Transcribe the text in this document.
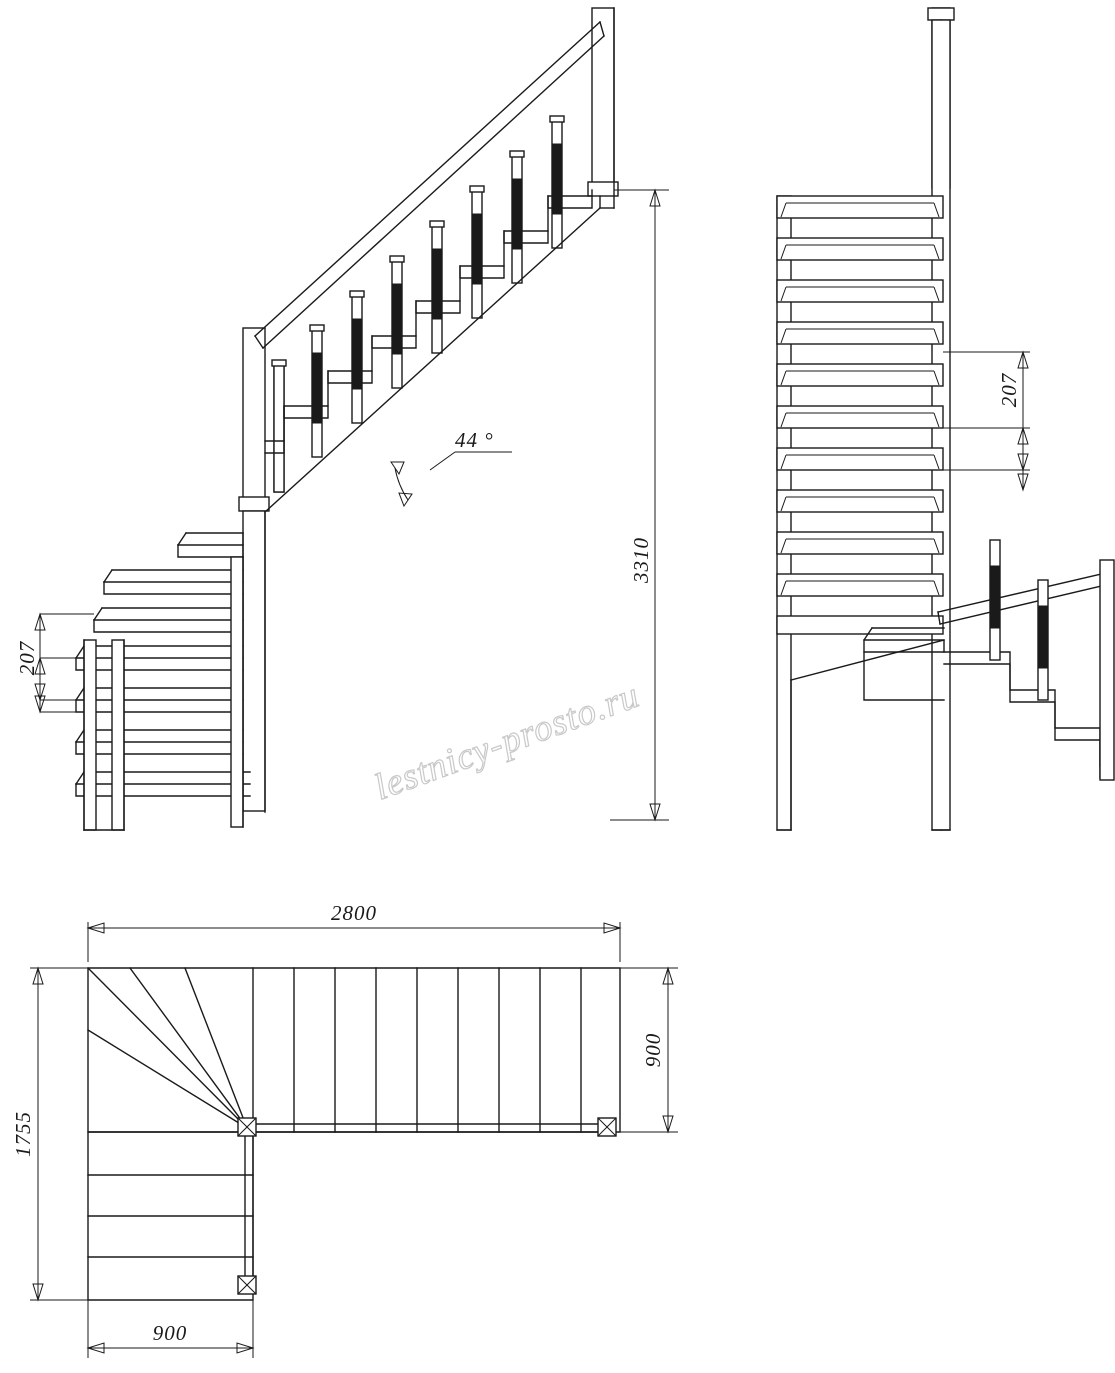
44 °
3310
207
207
2800
900
1755
900
lestnicy-prosto.ru
